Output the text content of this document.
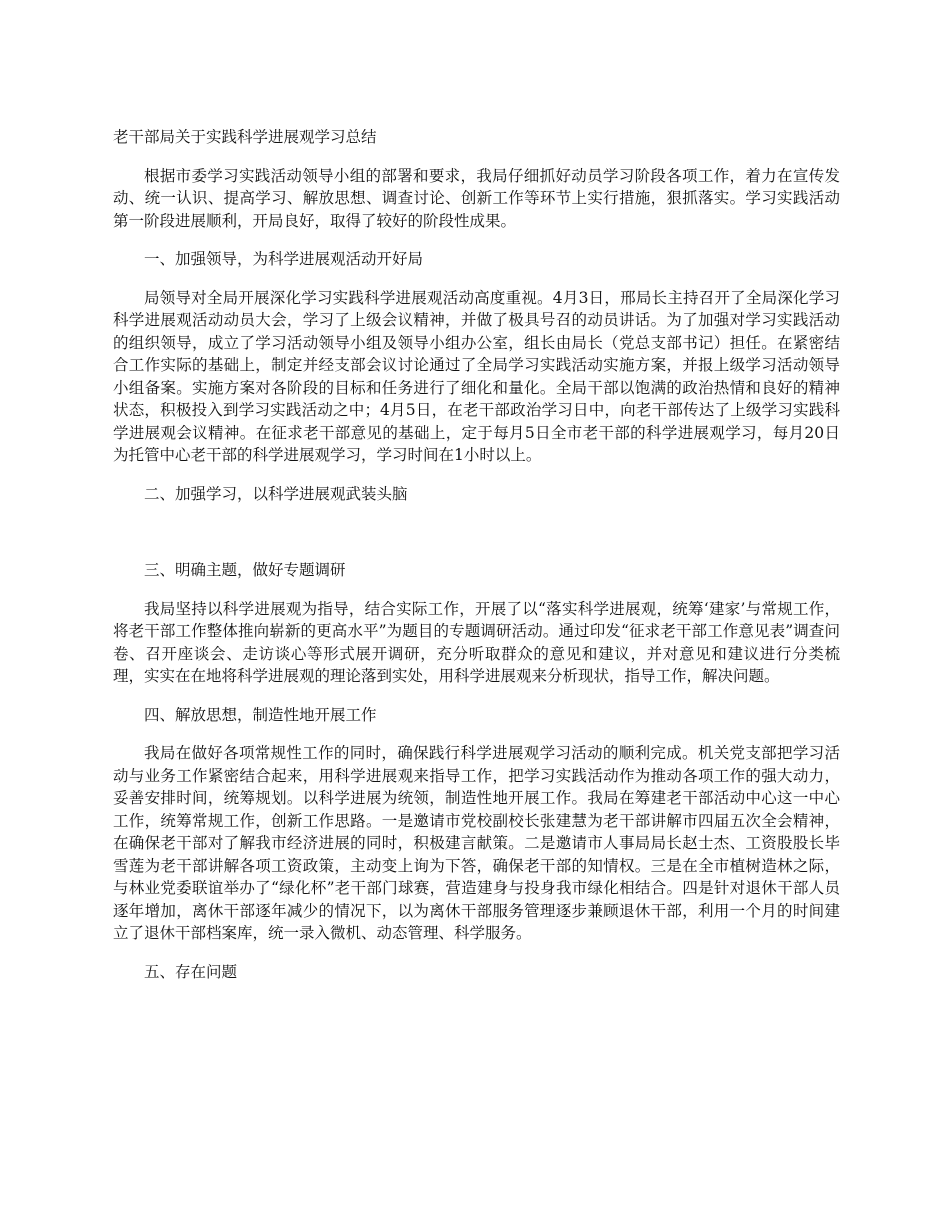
老干部局关于实践科学进展观学习总结

根据市委学习实践活动领导小组的部署和要求，我局仔细抓好动员学习阶段各项工作，着力在宣传发动、统一认识、提高学习、解放思想、调查讨论、创新工作等环节上实行措施，狠抓落实。学习实践活动第一阶段进展顺利，开局良好，取得了较好的阶段性成果。

一、加强领导，为科学进展观活动开好局

局领导对全局开展深化学习实践科学进展观活动高度重视。4月3日，邢局长主持召开了全局深化学习科学进展观活动动员大会，学习了上级会议精神，并做了极具号召的动员讲话。为了加强对学习实践活动的组织领导，成立了学习活动领导小组及领导小组办公室，组长由局长（党总支部书记）担任。在紧密结合工作实际的基础上，制定并经支部会议讨论通过了全局学习实践活动实施方案，并报上级学习活动领导小组备案。实施方案对各阶段的目标和任务进行了细化和量化。全局干部以饱满的政治热情和良好的精神状态，积极投入到学习实践活动之中；4月5日，在老干部政治学习日中，向老干部传达了上级学习实践科学进展观会议精神。在征求老干部意见的基础上，定于每月5日全市老干部的科学进展观学习，每月20日为托管中心老干部的科学进展观学习，学习时间在1小时以上。

二、加强学习，以科学进展观武装头脑

三、明确主题，做好专题调研

我局坚持以科学进展观为指导，结合实际工作，开展了以“落实科学进展观，统筹‘建家’与常规工作，将老干部工作整体推向崭新的更高水平”为题目的专题调研活动。通过印发“征求老干部工作意见表”调查问卷、召开座谈会、走访谈心等形式展开调研，充分听取群众的意见和建议，并对意见和建议进行分类梳理，实实在在地将科学进展观的理论落到实处，用科学进展观来分析现状，指导工作，解决问题。

四、解放思想，制造性地开展工作

我局在做好各项常规性工作的同时，确保践行科学进展观学习活动的顺利完成。机关党支部把学习活动与业务工作紧密结合起来，用科学进展观来指导工作，把学习实践活动作为推动各项工作的强大动力，妥善安排时间，统筹规划。以科学进展为统领，制造性地开展工作。我局在筹建老干部活动中心这一中心工作，统筹常规工作，创新工作思路。一是邀请市党校副校长张建慧为老干部讲解市四届五次全会精神，在确保老干部对了解我市经济进展的同时，积极建言献策。二是邀请市人事局局长赵士杰、工资股股长毕雪莲为老干部讲解各项工资政策，主动变上询为下答，确保老干部的知情权。三是在全市植树造林之际，与林业党委联谊举办了“绿化杯”老干部门球赛，营造建身与投身我市绿化相结合。四是针对退休干部人员逐年增加，离休干部逐年减少的情况下，以为离休干部服务管理逐步兼顾退休干部，利用一个月的时间建立了退休干部档案库，统一录入微机、动态管理、科学服务。

五、存在问题
